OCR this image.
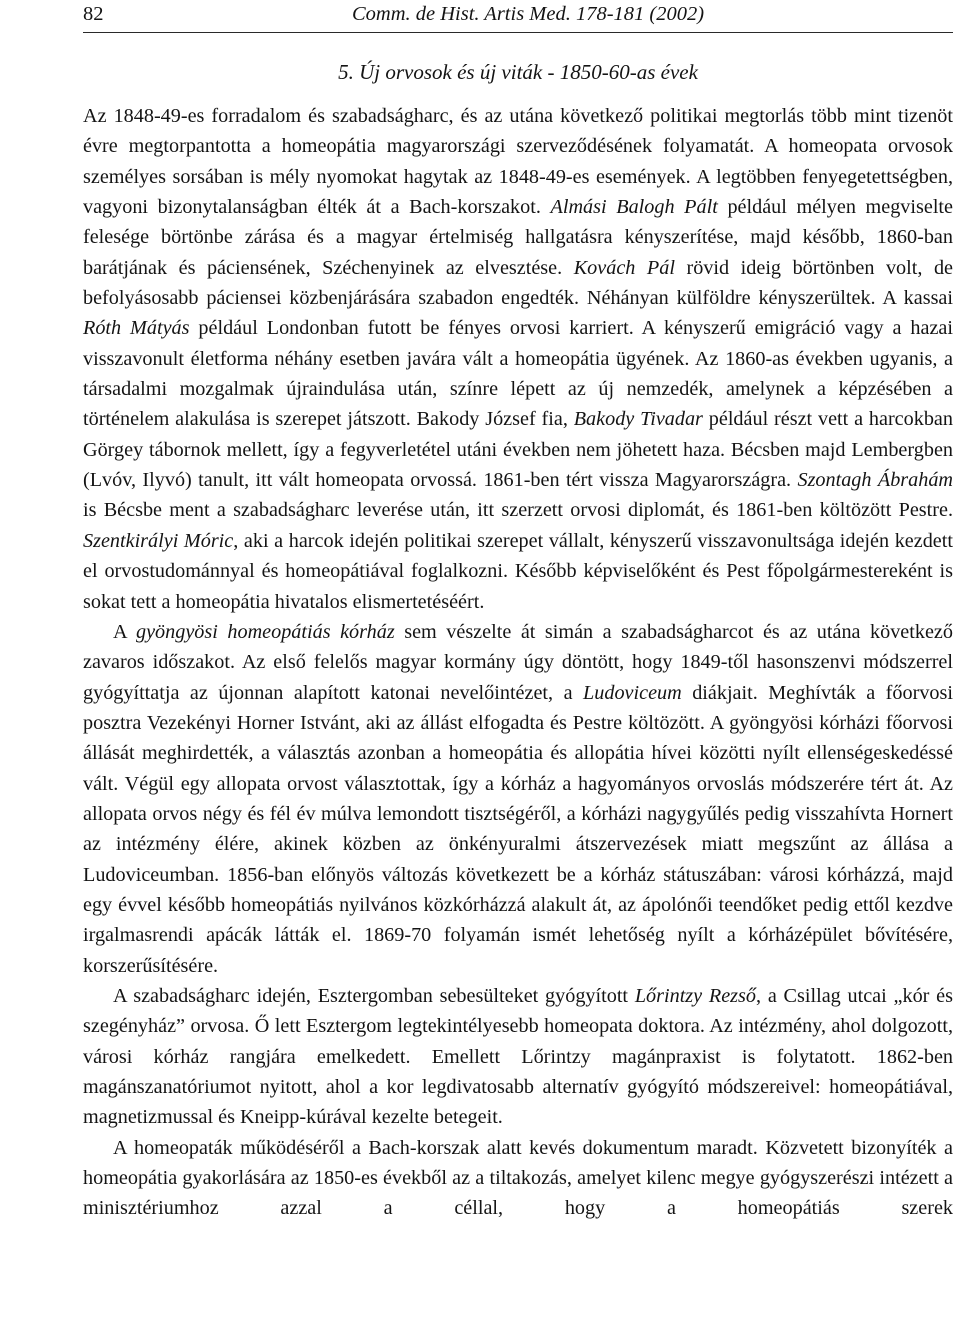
82	Comm. de Hist. Artis Med. 178-181 (2002)
5. Új orvosok és új viták - 1850-60-as évek

Az 1848-49-es forradalom és szabadságharc, és az utána következő politikai megtorlás több mint tizenöt évre megtorpantotta a homeopátia magyarországi szerveződésének folyamatát. A homeopata orvosok személyes sorsában is mély nyomokat hagytak az 1848-49-es események. A legtöbben fenyegetettségben, vagyoni bizonytalanságban élték át a Bach-korszakot. Almási Balogh Pált például mélyen megviselte felesége börtönbe zárása és a magyar értelmiség hallgatásra kényszerítése, majd később, 1860-ban barátjának és páciensének, Széchenyinek az elvesztése. Kovách Pál rövid ideig börtönben volt, de befolyásosabb páciensei közbenjárására szabadon engedték. Néhányan külföldre kényszerültek. A kassai Róth Mátyás például Londonban futott be fényes orvosi karriert. A kényszerű emigráció vagy a hazai visszavonult életforma néhány esetben javára vált a homeopátia ügyének. Az 1860-as években ugyanis, a társadalmi mozgalmak újraindulása után, színre lépett az új nemzedék, amelynek a képzésében a történelem alakulása is szerepet játszott. Bakody József fia, Bakody Tivadar például részt vett a harcokban Görgey tábornok mellett, így a fegyverletétel utáni években nem jöhetett haza. Bécsben majd Lembergben (Lvóv, Ilyvó) tanult, itt vált homeopata orvossá. 1861-ben tért vissza Magyarországra. Szontagh Ábrahám is Bécsbe ment a szabadságharc leverése után, itt szerzett orvosi diplomát, és 1861-ben költözött Pestre. Szentkirályi Móric, aki a harcok idején politikai szerepet vállalt, kényszerű visszavonultsága idején kezdett el orvostudománnyal és homeopátiával foglalkozni. Később képviselőként és Pest főpolgármestereként is sokat tett a homeopátia hivatalos elismertetéséért.

A gyöngyösi homeopátiás kórház sem vészelte át simán a szabadságharcot és az utána következő zavaros időszakot. Az első felelős magyar kormány úgy döntött, hogy 1849-től hasonszenvi módszerrel gyógyíttatja az újonnan alapított katonai nevelőintézet, a Ludoviceum diákjait. Meghívták a főorvosi posztra Vezekényi Horner Istvánt, aki az állást elfogadta és Pestre költözött. A gyöngyösi kórházi főorvosi állását meghirdették, a választás azonban a homeopátia és allopátia hívei közötti nyílt ellenségeskedéssé vált. Végül egy allopata orvost választottak, így a kórház a hagyományos orvoslás módszerére tért át. Az allopata orvos négy és fél év múlva lemondott tisztségéről, a kórházi nagygyűlés pedig visszahívta Hornert az intézmény élére, akinek közben az önkényuralmi átszervezések miatt megszűnt az állása a Ludoviceumban. 1856-ban előnyös változás következett be a kórház státuszában: városi kórházzá, majd egy évvel később homeopátiás nyilvános közkórházzá alakult át, az ápolónői teendőket pedig ettől kezdve irgalmasrendi apácák látták el. 1869-70 folyamán ismét lehetőség nyílt a kórházépület bővítésére, korszerűsítésére.

A szabadságharc idején, Esztergomban sebesülteket gyógyított Lőrintzy Rezső, a Csillag utcai „kór és szegényház” orvosa. Ő lett Esztergom legtekintélyesebb homeopata doktora. Az intézmény, ahol dolgozott, városi kórház rangjára emelkedett. Emellett Lőrintzy magánpraxist is folytatott. 1862-ben magánszanatóriumot nyitott, ahol a kor legdivatosabb alternatív gyógyító módszereivel: homeopátiával, magnetizmussal és Kneipp-kúrával kezelte betegeit.

A homeopaták működéséről a Bach-korszak alatt kevés dokumentum maradt. Közvetett bizonyíték a homeopátia gyakorlására az 1850-es évekből az a tiltakozás, amelyet kilenc megye gyógyszerészi intézett a minisztériumhoz azzal a céllal, hogy a homeopátiás szerek
